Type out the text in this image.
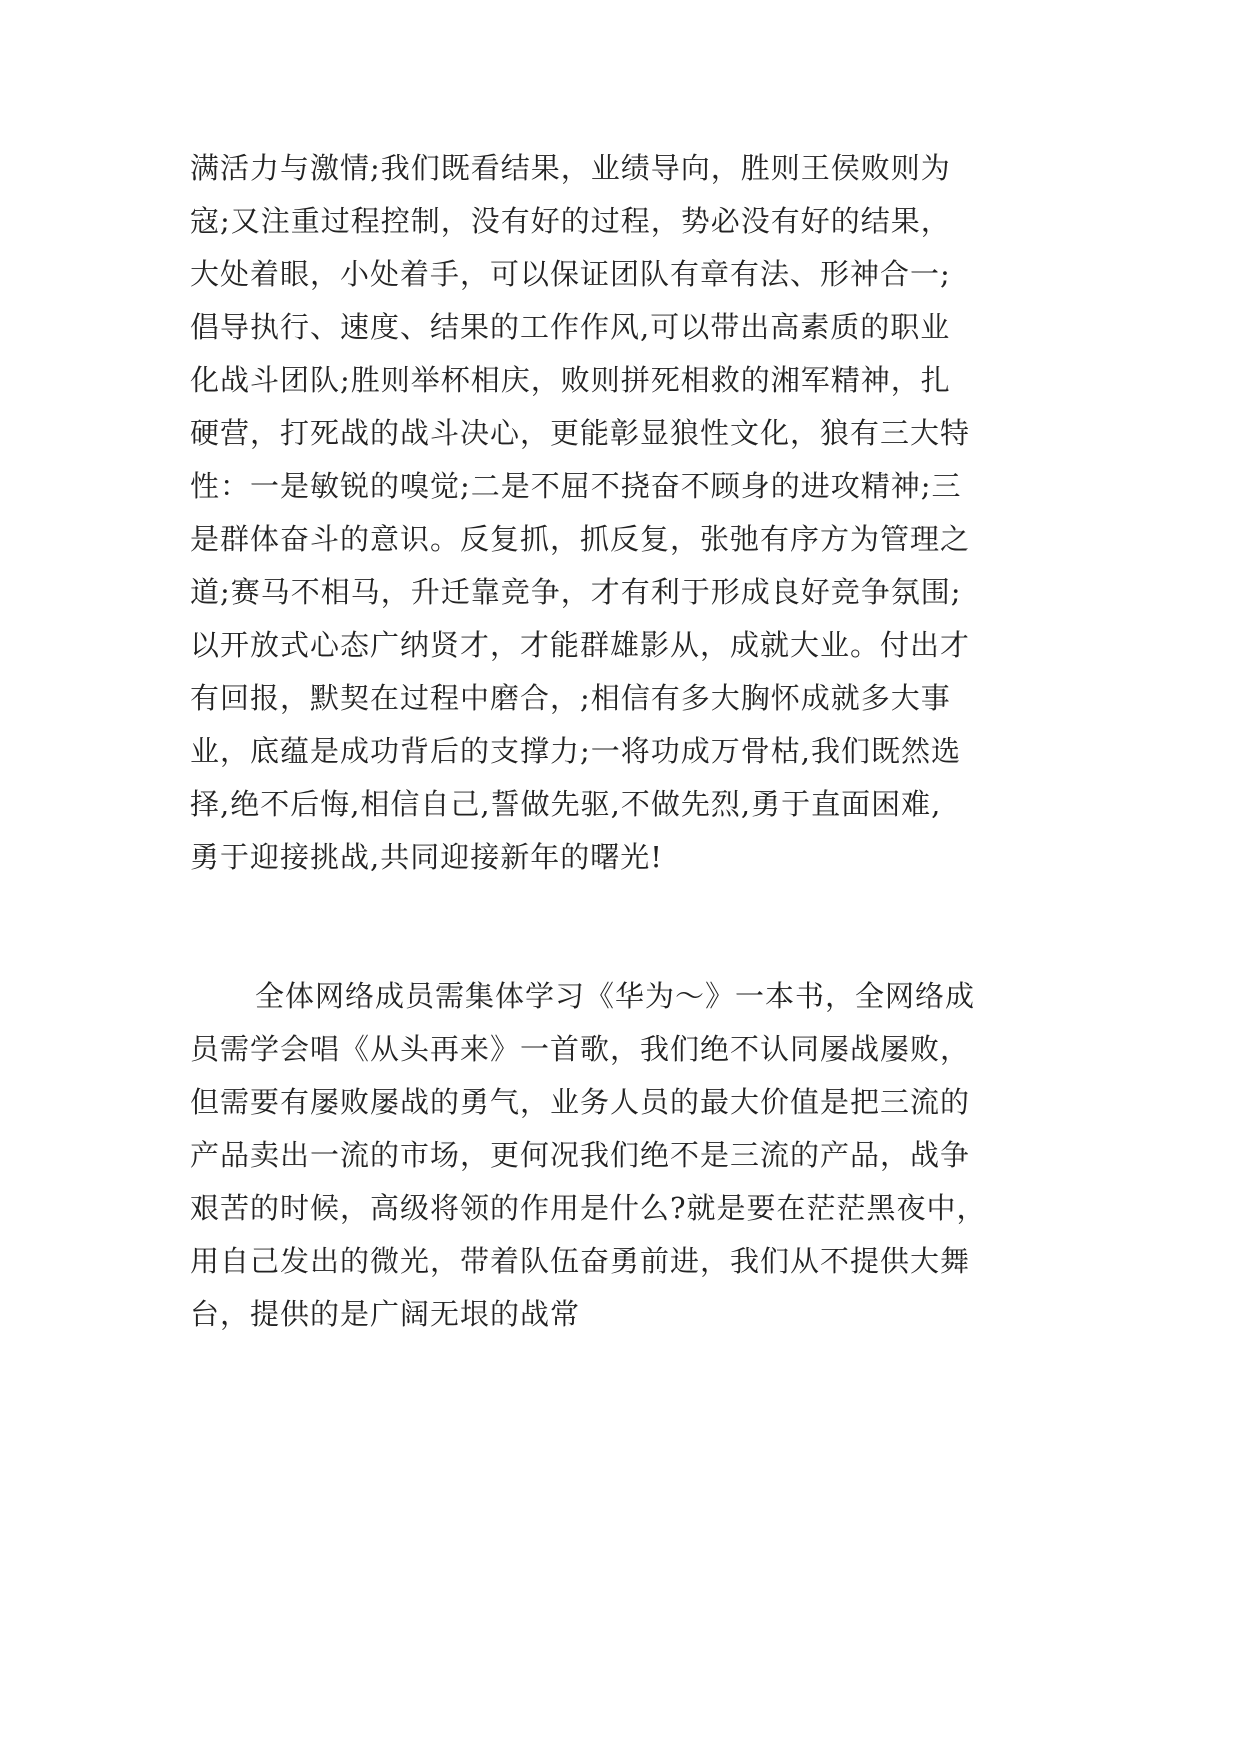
满活力与激情;我们既看结果，业绩导向，胜则王侯败则为
寇;又注重过程控制，没有好的过程，势必没有好的结果，
大处着眼，小处着手，可以保证团队有章有法、形神合一;
倡导执行、速度、结果的工作作风,可以带出高素质的职业
化战斗团队;胜则举杯相庆，败则拼死相救的湘军精神，扎
硬营，打死战的战斗决心，更能彰显狼性文化，狼有三大特
性：一是敏锐的嗅觉;二是不屈不挠奋不顾身的进攻精神;三
是群体奋斗的意识。反复抓，抓反复，张弛有序方为管理之
道;赛马不相马，升迁靠竞争，才有利于形成良好竞争氛围;
以开放式心态广纳贤才，才能群雄影从，成就大业。付出才
有回报，默契在过程中磨合，;相信有多大胸怀成就多大事
业，底蕴是成功背后的支撑力;一将功成万骨枯,我们既然选
择,绝不后悔,相信自己,誓做先驱,不做先烈,勇于直面困难,
勇于迎接挑战,共同迎接新年的曙光!
全体网络成员需集体学习《华为～》一本书，全网络成
员需学会唱《从头再来》一首歌，我们绝不认同屡战屡败，
但需要有屡败屡战的勇气，业务人员的最大价值是把三流的
产品卖出一流的市场，更何况我们绝不是三流的产品，战争
艰苦的时候，高级将领的作用是什么?就是要在茫茫黑夜中，
用自己发出的微光，带着队伍奋勇前进，我们从不提供大舞
台，提供的是广阔无垠的战常
